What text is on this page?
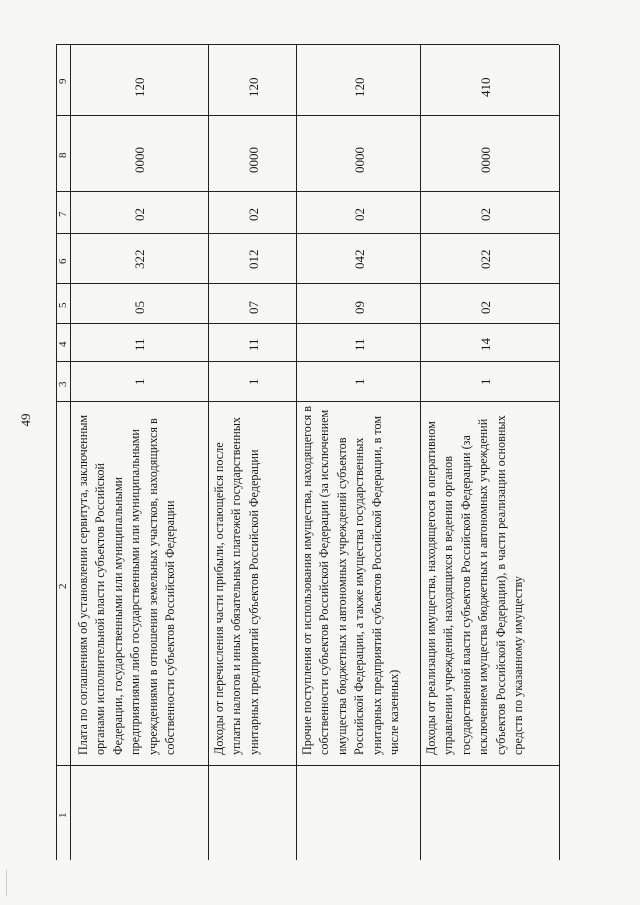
49
1
2
3
4
5
6
7
8
9
Плата по соглашениям об установлении сервитута, заключенным органами исполнительной власти субъектов Российской Федерации, государственными или муниципальными предприятиями либо государственными или муниципальными учреждениями в отношении земельных участков, находящихся в собственности субъектов Российской Федерации
1
11
05
322
02
0000
120
Доходы от перечисления части прибыли, остающейся после уплаты налогов и иных обязательных платежей государственных унитарных предприятий субъектов Российской Федерации
1
11
07
012
02
0000
120
Прочие поступления от использования имущества, находящегося в собственности субъектов Российской Федерации (за исключением имущества бюджетных и автономных учреждений субъектов Российской Федерации, а также имущества государственных унитарных предприятий субъектов Российской Федерации, в том числе казенных)
1
11
09
042
02
0000
120
Доходы от реализации имущества, находящегося в оперативном управлении учреждений, находящихся в ведении органов государственной власти субъектов Российской Федерации (за исключением имущества бюджетных и автономных учреждений субъектов Российской Федерации), в части реализации основных средств по указанному имуществу
1
14
02
022
02
0000
410
